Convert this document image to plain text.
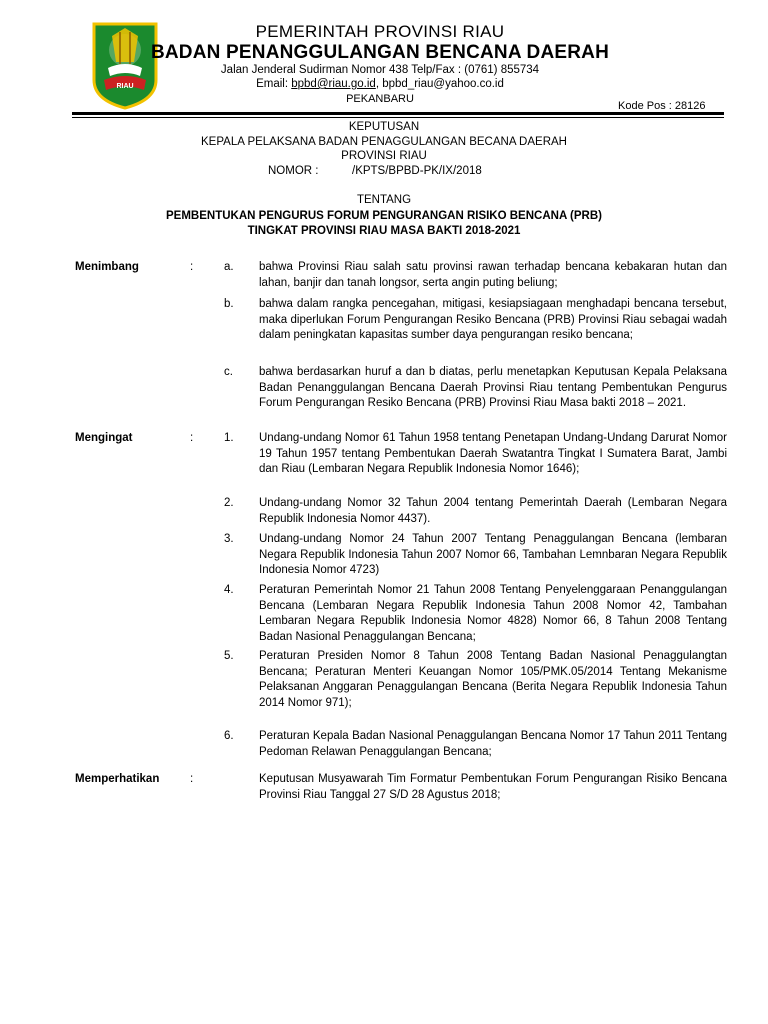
RIAU
PEMERINTAH PROVINSI RIAU
BADAN PENANGGULANGAN BENCANA DAERAH
Jalan Jenderal Sudirman Nomor 438 Telp/Fax : (0761) 855734
Email: bpbd@riau.go.id, bpbd_riau@yahoo.co.id
PEKANBARU
Kode Pos : 28126
KEPUTUSAN
KEPALA PELAKSANA BADAN PENAGGULANGAN BECANA DAERAH
PROVINSI RIAU
NOMOR :	/KPTS/BPBD-PK/IX/2018
TENTANG
PEMBENTUKAN PENGURUS FORUM PENGURANGAN RISIKO BENCANA (PRB)
TINGKAT PROVINSI RIAU MASA BAKTI 2018-2021
Menimbang	:	a. bahwa Provinsi Riau salah satu provinsi rawan terhadap bencana kebakaran hutan dan lahan, banjir dan tanah longsor, serta angin puting beliung;
b. bahwa dalam rangka pencegahan, mitigasi, kesiapsiagaan menghadapi bencana tersebut, maka diperlukan Forum Pengurangan Resiko Bencana (PRB) Provinsi Riau sebagai wadah dalam peningkatan kapasitas sumber daya pengurangan resiko bencana;
c. bahwa berdasarkan huruf a dan b diatas, perlu menetapkan Keputusan Kepala Pelaksana Badan Penanggulangan Bencana Daerah Provinsi Riau tentang Pembentukan Pengurus Forum Pengurangan Resiko Bencana (PRB) Provinsi Riau Masa bakti 2018 – 2021.
Mengingat	:	1. Undang-undang Nomor 61 Tahun 1958 tentang Penetapan Undang-Undang Darurat Nomor 19 Tahun 1957 tentang Pembentukan Daerah Swatantra Tingkat I Sumatera Barat, Jambi dan Riau (Lembaran Negara Republik Indonesia Nomor 1646);
2. Undang-undang Nomor 32 Tahun 2004 tentang Pemerintah Daerah (Lembaran Negara Republik Indonesia Nomor 4437).
3. Undang-undang Nomor 24 Tahun 2007 Tentang Penaggulangan Bencana (lembaran Negara Republik Indonesia Tahun 2007 Nomor 66, Tambahan Lemnbaran Negara Republik Indonesia Nomor 4723)
4. Peraturan Pemerintah Nomor 21 Tahun 2008 Tentang Penyelenggaraan Penanggulangan Bencana (Lembaran Negara Republik Indonesia Tahun 2008 Nomor 42, Tambahan Lembaran Negara Republik Indonesia Nomor 4828) Nomor 66, 8 Tahun 2008 Tentang Badan Nasional Penaggulangan Bencana;
5. Peraturan Presiden Nomor 8 Tahun 2008 Tentang Badan Nasional Penaggulangtan Bencana; Peraturan Menteri Keuangan Nomor 105/PMK.05/2014 Tentang Mekanisme Pelaksanan Anggaran Penaggulangan Bencana (Berita Negara Republik Indonesia Tahun 2014 Nomor 971);
6. Peraturan Kepala Badan Nasional Penaggulangan Bencana Nomor 17 Tahun 2011 Tentang Pedoman Relawan Penaggulangan Bencana;
Memperhatikan	:	Keputusan Musyawarah Tim Formatur Pembentukan Forum Pengurangan Risiko Bencana Provinsi Riau Tanggal 27 S/D 28 Agustus 2018;
